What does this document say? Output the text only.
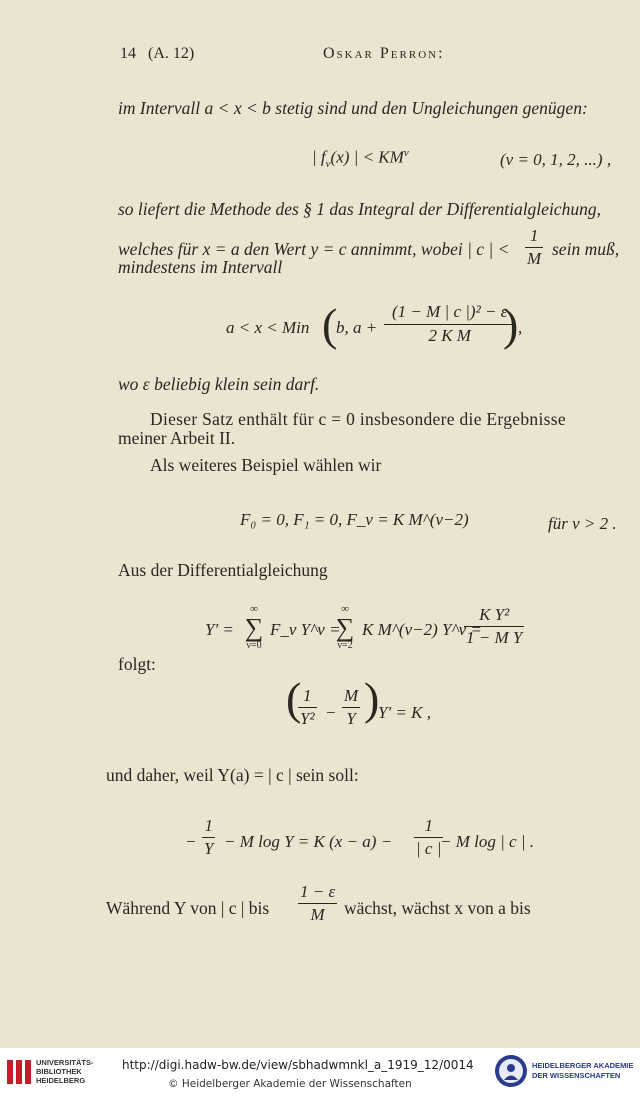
14 (A. 12)	Oskar Perron:
im Intervall a < x < b stetig sind und den Ungleichungen genügen:
| $f_\nu(x)$ | < $KM^\nu$	(ν = 0, 1, 2, ...) ,
so liefert die Methode des § 1 das Integral der Differentialgleichung,
welches für x = a den Wert y = c annimmt, wobei | c | < $\frac{1}{M}$ sein muß,
mindestens im Intervall
a < x < Min (
b, $a + \frac{\text{(1 − M | c |)² − ε}}{\text{2 K M}}$
) ,
wo ε beliebig klein sein darf.
Dieser Satz enthält für c = 0 insbesondere die Ergebnisse
meiner Arbeit II.
Als weiteres Beispiel wählen wir
F₀ = 0, F₁ = 0, F_ν = K M^(ν−2)	für ν > 2 .
Aus der Differentialgleichung
Y′ =
∞
∑
ν=0
F_ν Y^ν =
∞
∑
ν=2
K M^(ν−2) Y^ν =
$\frac{\text{K Y²}}{\text{1 − M Y}}$
folgt:
(
$\frac{1}{\text{Y²}} - \frac{M}{Y}$ )
Y′ = K ,
und daher, weil Y(a) = | c | sein soll:
− $\frac{1}{Y} - M$ log Y = K $(x - a) - \frac{1}{| c |}$
− M log | c | .
Während Y von | c | bis $\frac{1 - \varepsilon}{M}$ wächst, wächst x von a bis
UNIVERSITÄTS-
BIBLIOTHEK
HEIDELBERG
http://digi.hadw-bw.de/view/sbhadwmnkl_a_1919_12/0014
© Heidelberger Akademie der Wissenschaften
HEIDELBERGER AKADEMIE
DER WISSENSCHAFTEN
